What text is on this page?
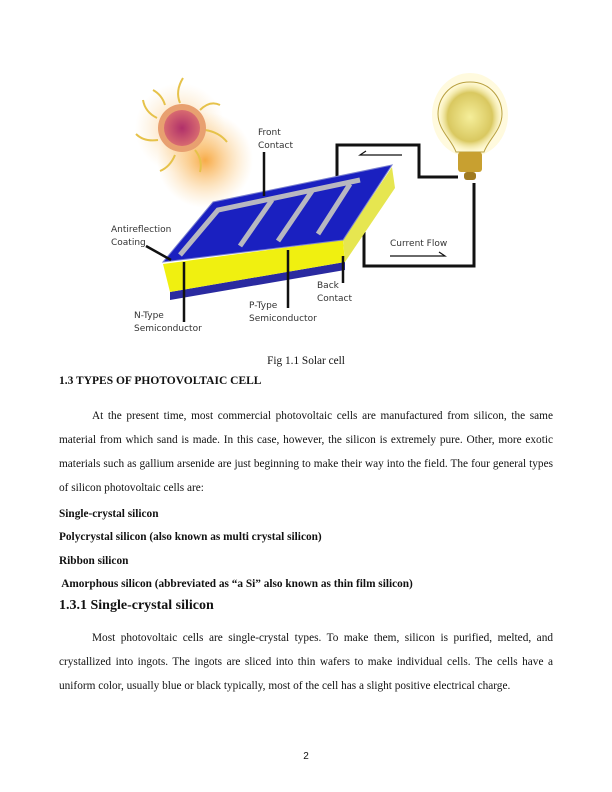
Front
Contact
Antireflection
Coating	Current Flow
Back
Contact
P-Type
Semiconductor
N-Type
Semiconductor
Fig 1.1 Solar cell
1.3 TYPES OF PHOTOVOLTAIC CELL
At the present time, most commercial photovoltaic cells are manufactured from silicon, the same material from which sand is made. In this case, however, the silicon is extremely pure. Other, more exotic materials such as gallium arsenide are just beginning to make their way into the field. The four general types of silicon photovoltaic cells are:
Single-crystal silicon
Polycrystal silicon (also known as multi crystal silicon)
Ribbon silicon
Amorphous silicon (abbreviated as “a Si” also known as thin film silicon)
1.3.1 Single-crystal silicon
Most photovoltaic cells are single-crystal types. To make them, silicon is purified, melted, and crystallized into ingots. The ingots are sliced into thin wafers to make individual cells. The cells have a uniform color, usually blue or black typically, most of the cell has a slight positive electrical charge.
2
